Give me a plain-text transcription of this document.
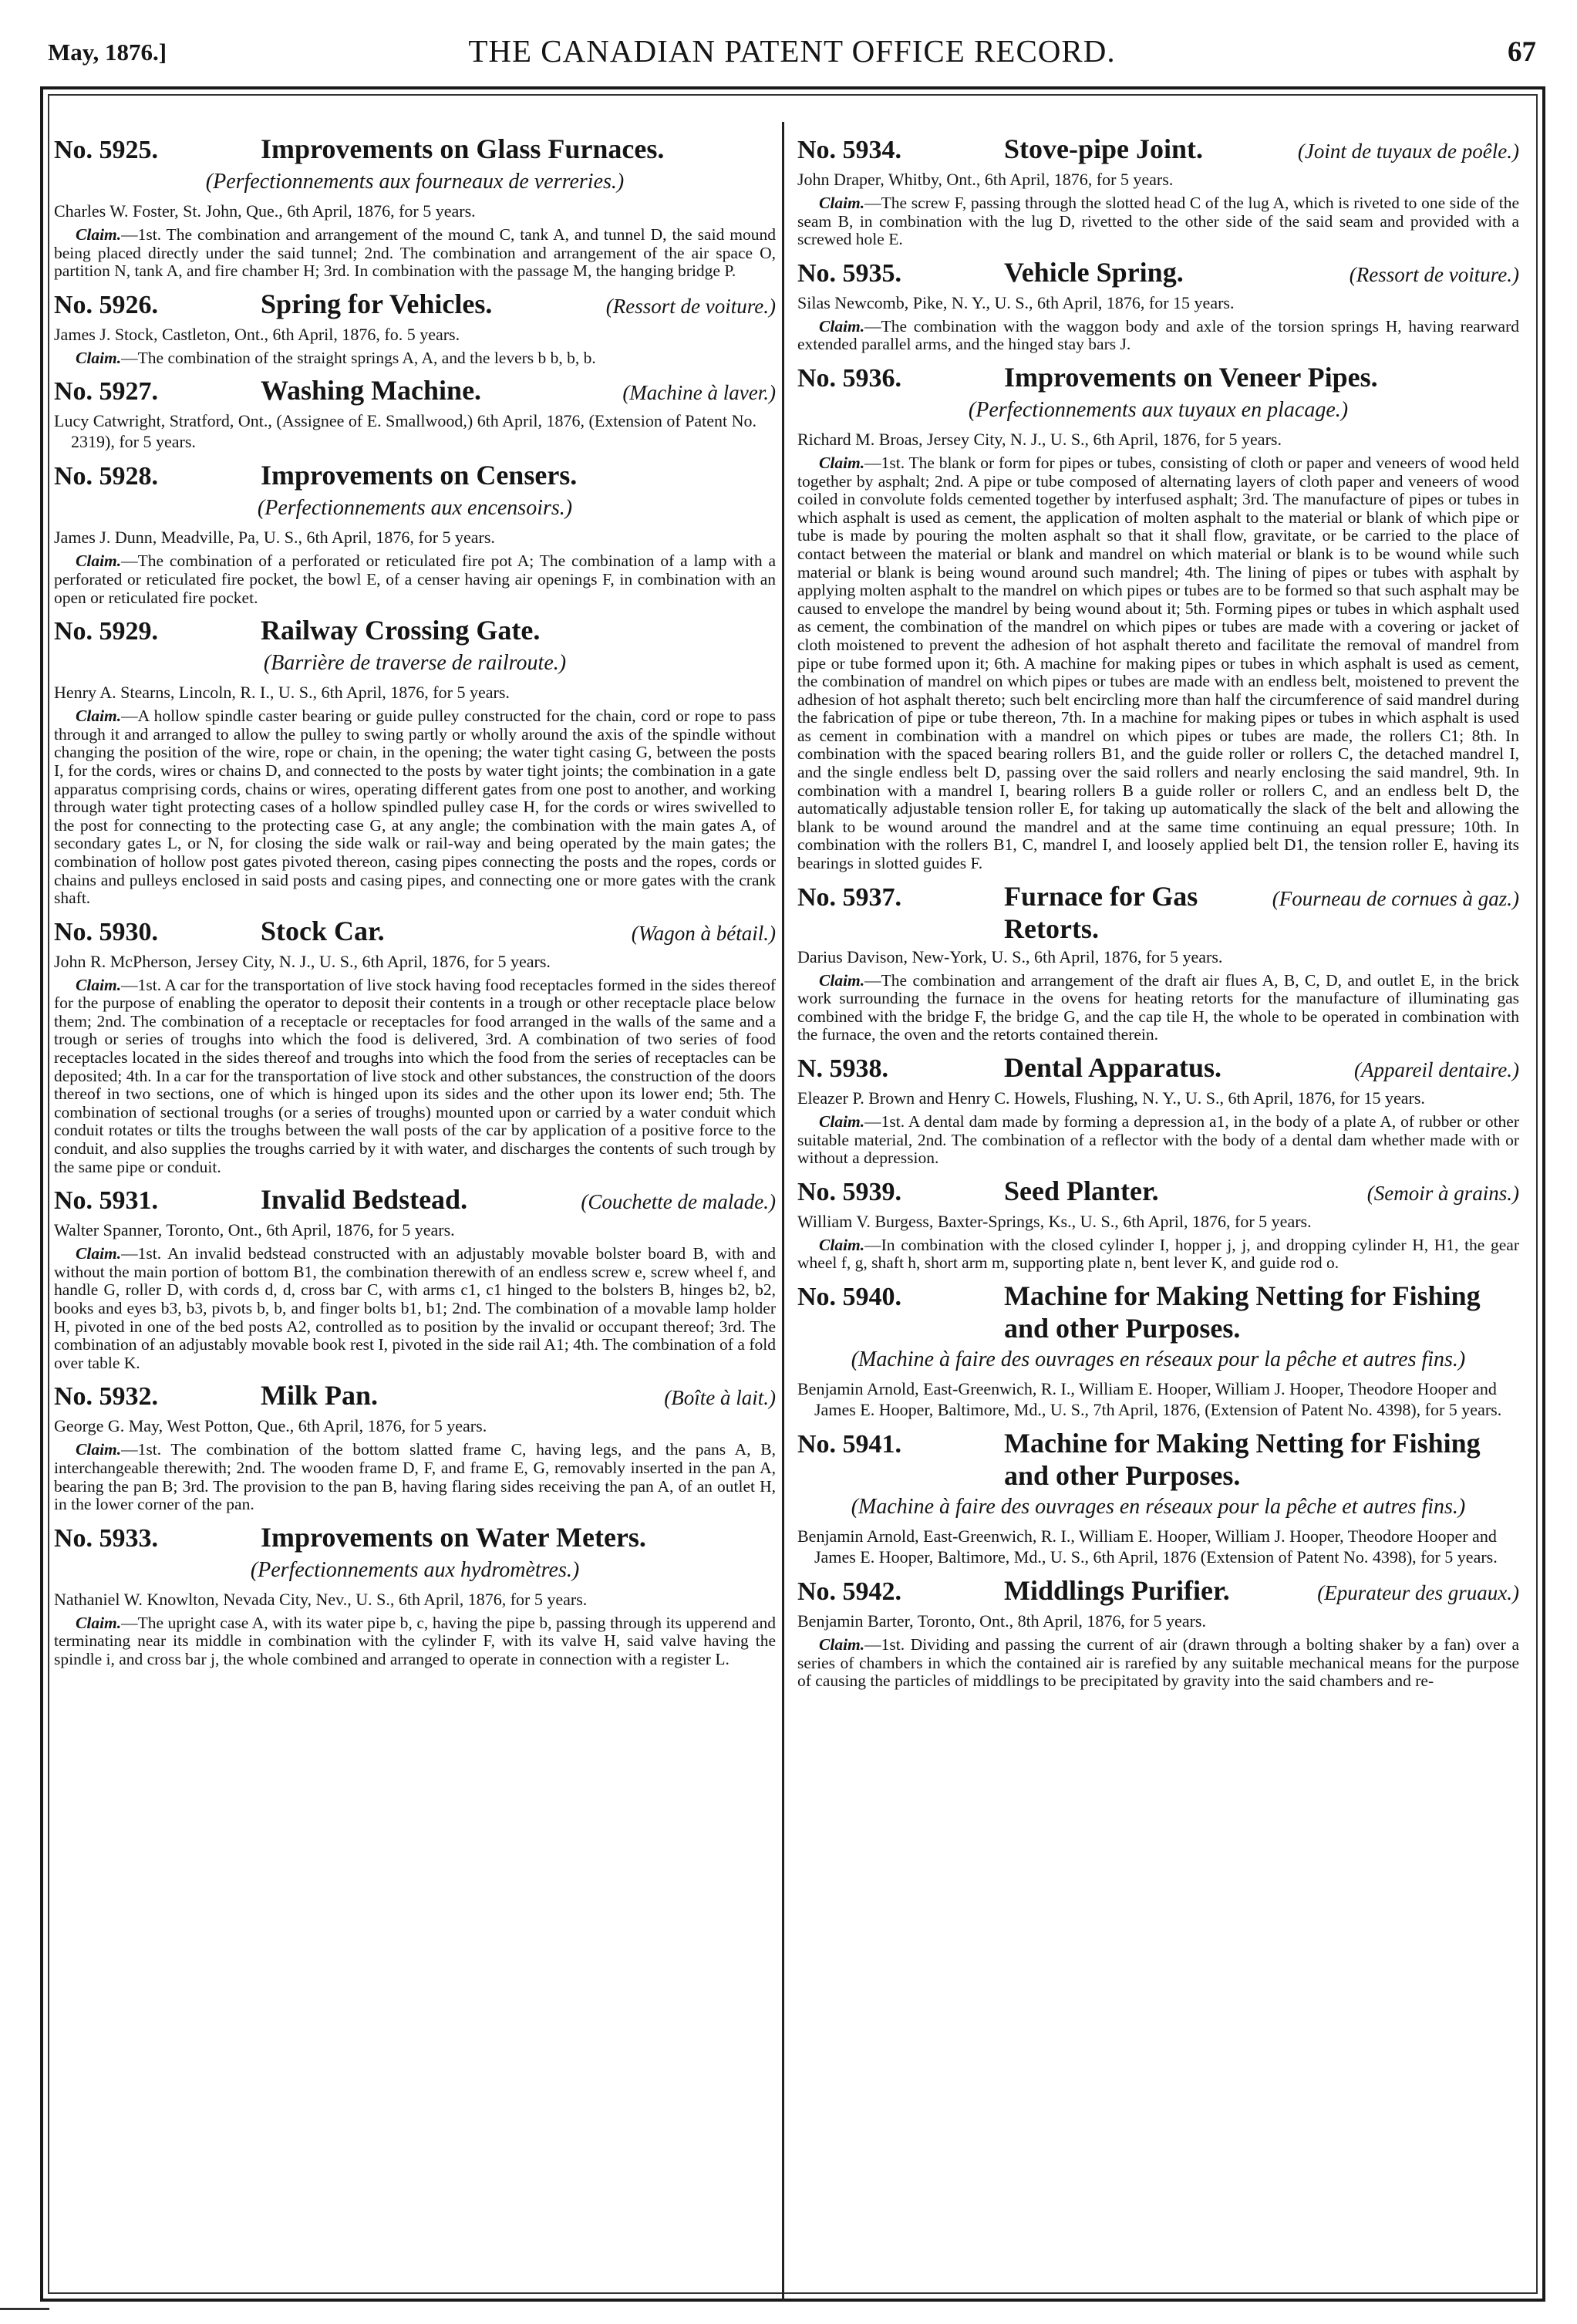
May, 1876.]	THE CANADIAN PATENT OFFICE RECORD.	67
No. 5925.	Improvements on Glass Furnaces.
(Perfectionnements aux fourneaux de verreries.)
Charles W. Foster, St. John, Que., 6th April, 1876, for 5 years.

Claim.—1st. The combination and arrangement of the mound C, tank A, and tunnel D, the said mound being placed directly under the said tunnel; 2nd. The combination and arrangement of the air space O, partition N, tank A, and fire chamber H; 3rd. In combination with the passage M, the hanging bridge P.

No. 5926.	Spring for Vehicles.	(Ressort de voiture.)
James J. Stock, Castleton, Ont., 6th April, 1876, fo. 5 years.

Claim.—The combination of the straight springs A, A, and the levers b b, b, b.

No. 5927.	Washing Machine.	(Machine à laver.)
Lucy Catwright, Stratford, Ont., (Assignee of E. Smallwood,) 6th April, 1876, (Extension of Patent No. 2319), for 5 years.
No. 5928.	Improvements on Censers.
(Perfectionnements aux encensoirs.)
James J. Dunn, Meadville, Pa, U. S., 6th April, 1876, for 5 years.

Claim.—The combination of a perforated or reticulated fire pot A; The combination of a lamp with a perforated or reticulated fire pocket, the bowl E, of a censer having air openings F, in combination with an open or reticulated fire pocket.

No. 5929.	Railway Crossing Gate.
(Barrière de traverse de railroute.)
Henry A. Stearns, Lincoln, R. I., U. S., 6th April, 1876, for 5 years.

Claim.—A hollow spindle caster bearing or guide pulley constructed for the chain, cord or rope to pass through it and arranged to allow the pulley to swing partly or wholly around the axis of the spindle without changing the position of the wire, rope or chain, in the opening; the water tight casing G, between the posts I, for the cords, wires or chains D, and connected to the posts by water tight joints; the combination in a gate apparatus comprising cords, chains or wires, operating different gates from one post to another, and working through water tight protecting cases of a hollow spindled pulley case H, for the cords or wires swivelled to the post for connecting to the protecting case G, at any angle; the combination with the main gates A, of secondary gates L, or N, for closing the side walk or rail-way and being operated by the main gates; the combination of hollow post gates pivoted thereon, casing pipes connecting the posts and the ropes, cords or chains and pulleys enclosed in said posts and casing pipes, and connecting one or more gates with the crank shaft.

No. 5930.	Stock Car.	(Wagon à bétail.)
John R. McPherson, Jersey City, N. J., U. S., 6th April, 1876, for 5 years.

Claim.—1st. A car for the transportation of live stock having food receptacles formed in the sides thereof for the purpose of enabling the operator to deposit their contents in a trough or other receptacle place below them; 2nd. The combination of a receptacle or receptacles for food arranged in the walls of the same and a trough or series of troughs into which the food is delivered, 3rd. A combination of two series of food receptacles located in the sides thereof and troughs into which the food from the series of receptacles can be deposited; 4th. In a car for the transportation of live stock and other substances, the construction of the doors thereof in two sections, one of which is hinged upon its sides and the other upon its lower end; 5th. The combination of sectional troughs (or a series of troughs) mounted upon or carried by a water conduit which conduit rotates or tilts the troughs between the wall posts of the car by application of a positive force to the conduit, and also supplies the troughs carried by it with water, and discharges the contents of such trough by the same pipe or conduit.

No. 5931.	Invalid Bedstead.	(Couchette de malade.)
Walter Spanner, Toronto, Ont., 6th April, 1876, for 5 years.

Claim.—1st. An invalid bedstead constructed with an adjustably movable bolster board B, with and without the main portion of bottom B1, the combination therewith of an endless screw e, screw wheel f, and handle G, roller D, with cords d, d, cross bar C, with arms c1, c1 hinged to the bolsters B, hinges b2, b2, books and eyes b3, b3, pivots b, b, and finger bolts b1, b1; 2nd. The combination of a movable lamp holder H, pivoted in one of the bed posts A2, controlled as to position by the invalid or occupant thereof; 3rd. The combination of an adjustably movable book rest I, pivoted in the side rail A1; 4th. The combination of a fold over table K.

No. 5932.	Milk Pan.	(Boîte à lait.)
George G. May, West Potton, Que., 6th April, 1876, for 5 years.

Claim.—1st. The combination of the bottom slatted frame C, having legs, and the pans A, B, interchangeable therewith; 2nd. The wooden frame D, F, and frame E, G, removably inserted in the pan A, bearing the pan B; 3rd. The provision to the pan B, having flaring sides receiving the pan A, of an outlet H, in the lower corner of the pan.

No. 5933.	Improvements on Water Meters.
(Perfectionnements aux hydromètres.)
Nathaniel W. Knowlton, Nevada City, Nev., U. S., 6th April, 1876, for 5 years.

Claim.—The upright case A, with its water pipe b, c, having the pipe b, passing through its upperend and terminating near its middle in combination with the cylinder F, with its valve H, said valve having the spindle i, and cross bar j, the whole combined and arranged to operate in connection with a register L.

No. 5934.	Stove-pipe Joint.	(Joint de tuyaux de poêle.)
John Draper, Whitby, Ont., 6th April, 1876, for 5 years.

Claim.—The screw F, passing through the slotted head C of the lug A, which is riveted to one side of the seam B, in combination with the lug D, rivetted to the other side of the said seam and provided with a screwed hole E.

No. 5935.	Vehicle Spring.	(Ressort de voiture.)
Silas Newcomb, Pike, N. Y., U. S., 6th April, 1876, for 15 years.

Claim.—The combination with the waggon body and axle of the torsion springs H, having rearward extended parallel arms, and the hinged stay bars J.

No. 5936.	Improvements on Veneer Pipes.
(Perfectionnements aux tuyaux en placage.)
Richard M. Broas, Jersey City, N. J., U. S., 6th April, 1876, for 5 years.

Claim.—1st. The blank or form for pipes or tubes, consisting of cloth or paper and veneers of wood held together by asphalt; 2nd. A pipe or tube composed of alternating layers of cloth paper and veneers of wood coiled in convolute folds cemented together by interfused asphalt; 3rd. The manufacture of pipes or tubes in which asphalt is used as cement, the application of molten asphalt to the material or blank of which pipe or tube is made by pouring the molten asphalt so that it shall flow, gravitate, or be carried to the place of contact between the material or blank and mandrel on which material or blank is to be wound while such material or blank is being wound around such mandrel; 4th. The lining of pipes or tubes with asphalt by applying molten asphalt to the mandrel on which pipes or tubes are to be formed so that such asphalt may be caused to envelope the mandrel by being wound about it; 5th. Forming pipes or tubes in which asphalt used as cement, the combination of the mandrel on which pipes or tubes are made with a covering or jacket of cloth moistened to prevent the adhesion of hot asphalt thereto and facilitate the removal of mandrel from pipe or tube formed upon it; 6th. A machine for making pipes or tubes in which asphalt is used as cement, the combination of mandrel on which pipes or tubes are made with an endless belt, moistened to prevent the adhesion of hot asphalt thereto; such belt encircling more than half the circumference of said mandrel during the fabrication of pipe or tube thereon, 7th. In a machine for making pipes or tubes in which asphalt is used as cement in combination with a mandrel on which pipes or tubes are made, the rollers C1; 8th. In combination with the spaced bearing rollers B1, and the guide roller or rollers C, the detached mandrel I, and the single endless belt D, passing over the said rollers and nearly enclosing the said mandrel, 9th. In combination with a mandrel I, bearing rollers B a guide roller or rollers C, and an endless belt D, the automatically adjustable tension roller E, for taking up automatically the slack of the belt and allowing the blank to be wound around the mandrel and at the same time continuing an equal pressure; 10th. In combination with the rollers B1, C, mandrel I, and loosely applied belt D1, the tension roller E, having its bearings in slotted guides F.

No. 5937.	Furnace for Gas Retorts.
(Fourneau de cornues à gaz.)
Darius Davison, New-York, U. S., 6th April, 1876, for 5 years.

Claim.—The combination and arrangement of the draft air flues A, B, C, D, and outlet E, in the brick work surrounding the furnace in the ovens for heating retorts for the manufacture of illuminating gas combined with the bridge F, the bridge G, and the cap tile H, the whole to be operated in combination with the furnace, the oven and the retorts contained therein.

N. 5938.	Dental Apparatus.	(Appareil dentaire.)
Eleazer P. Brown and Henry C. Howels, Flushing, N. Y., U. S., 6th April, 1876, for 15 years.

Claim.—1st. A dental dam made by forming a depression a1, in the body of a plate A, of rubber or other suitable material, 2nd. The combination of a reflector with the body of a dental dam whether made with or without a depression.

No. 5939.	Seed Planter.	(Semoir à grains.)
William V. Burgess, Baxter-Springs, Ks., U. S., 6th April, 1876, for 5 years.

Claim.—In combination with the closed cylinder I, hopper j, j, and dropping cylinder H, H1, the gear wheel f, g, shaft h, short arm m, supporting plate n, bent lever K, and guide rod o.

No. 5940.	Machine for Making Netting for Fishing and other Purposes.
(Machine à faire des ouvrages en réseaux pour la pêche et autres fins.)
Benjamin Arnold, East-Greenwich, R. I., William E. Hooper, William J. Hooper, Theodore Hooper and James E. Hooper, Baltimore, Md., U. S., 7th April, 1876, (Extension of Patent No. 4398), for 5 years.
No. 5941.	Machine for Making Netting for Fishing and other Purposes.
(Machine à faire des ouvrages en réseaux pour la pêche et autres fins.)
Benjamin Arnold, East-Greenwich, R. I., William E. Hooper, William J. Hooper, Theodore Hooper and James E. Hooper, Baltimore, Md., U. S., 6th April, 1876 (Extension of Patent No. 4398), for 5 years.
No. 5942.	Middlings Purifier.	(Epurateur des gruaux.)
Benjamin Barter, Toronto, Ont., 8th April, 1876, for 5 years.

Claim.—1st. Dividing and passing the current of air (drawn through a bolting shaker by a fan) over a series of chambers in which the contained air is rarefied by any suitable mechanical means for the purpose of causing the particles of middlings to be precipitated by gravity into the said chambers and re-
